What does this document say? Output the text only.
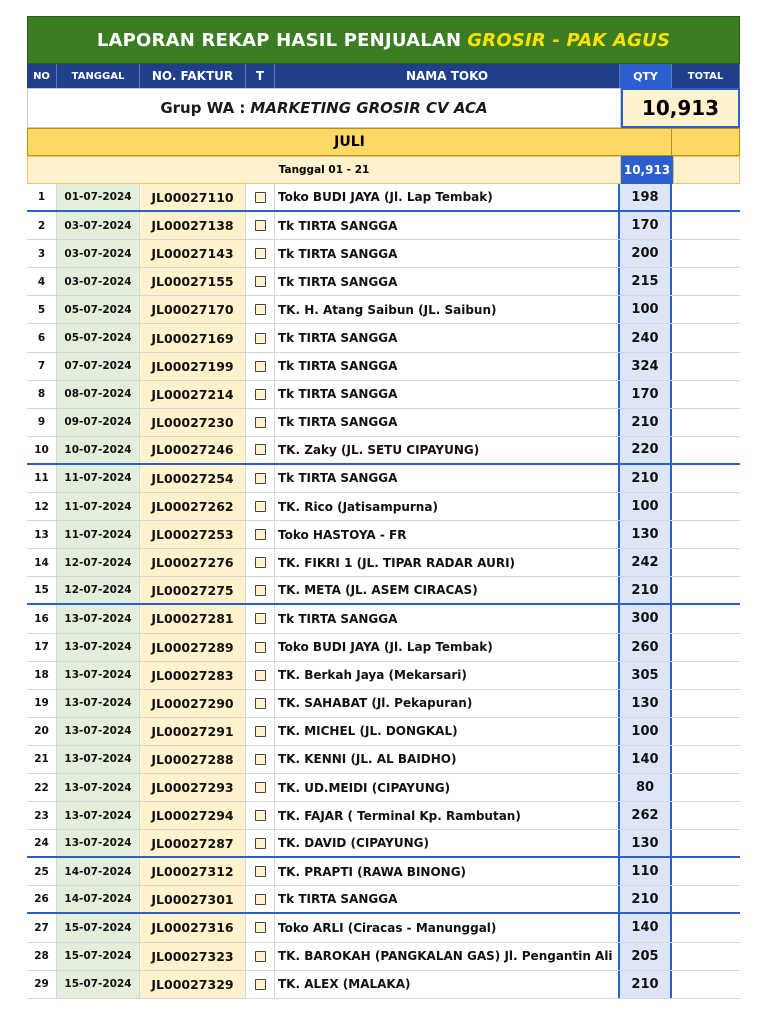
LAPORAN REKAP HASIL PENJUALAN GROSIR - PAK AGUS
NO	TANGGAL	NO. FAKTUR	T	NAMA TOKO	QTY	TOTAL
Grup WA : MARKETING GROSIR CV ACA	10,913
JULI
Tanggal 01 - 21	10,913
1	01-07-2024	JL00027110	Toko BUDI JAYA (Jl. Lap Tembak)	198
2	03-07-2024	JL00027138	Tk TIRTA SANGGA	170
3	03-07-2024	JL00027143	Tk TIRTA SANGGA	200
4	03-07-2024	JL00027155	Tk TIRTA SANGGA	215
5	05-07-2024	JL00027170	TK. H. Atang Saibun (JL. Saibun)	100
6	05-07-2024	JL00027169	Tk TIRTA SANGGA	240
7	07-07-2024	JL00027199	Tk TIRTA SANGGA	324
8	08-07-2024	JL00027214	Tk TIRTA SANGGA	170
9	09-07-2024	JL00027230	Tk TIRTA SANGGA	210
10	10-07-2024	JL00027246	TK. Zaky (JL. SETU CIPAYUNG)	220
11	11-07-2024	JL00027254	Tk TIRTA SANGGA	210
12	11-07-2024	JL00027262	TK. Rico (Jatisampurna)	100
13	11-07-2024	JL00027253	Toko HASTOYA - FR	130
14	12-07-2024	JL00027276	TK. FIKRI 1 (JL. TIPAR RADAR AURI)	242
15	12-07-2024	JL00027275	TK. META (JL. ASEM CIRACAS)	210
16	13-07-2024	JL00027281	Tk TIRTA SANGGA	300
17	13-07-2024	JL00027289	Toko BUDI JAYA (Jl. Lap Tembak)	260
18	13-07-2024	JL00027283	TK. Berkah Jaya (Mekarsari)	305
19	13-07-2024	JL00027290	TK. SAHABAT (Jl. Pekapuran)	130
20	13-07-2024	JL00027291	TK. MICHEL (JL. DONGKAL)	100
21	13-07-2024	JL00027288	TK. KENNI (JL. AL BAIDHO)	140
22	13-07-2024	JL00027293	TK. UD.MEIDI (CIPAYUNG)	80
23	13-07-2024	JL00027294	TK. FAJAR ( Terminal Kp. Rambutan)	262
24	13-07-2024	JL00027287	TK. DAVID (CIPAYUNG)	130
25	14-07-2024	JL00027312	TK. PRAPTI (RAWA BINONG)	110
26	14-07-2024	JL00027301	Tk TIRTA SANGGA	210
27	15-07-2024	JL00027316	Toko ARLI (Ciracas - Manunggal)	140
28	15-07-2024	JL00027323	TK. BAROKAH (PANGKALAN GAS) Jl. Pengantin Ali	205
29	15-07-2024	JL00027329	TK. ALEX (MALAKA)	210
